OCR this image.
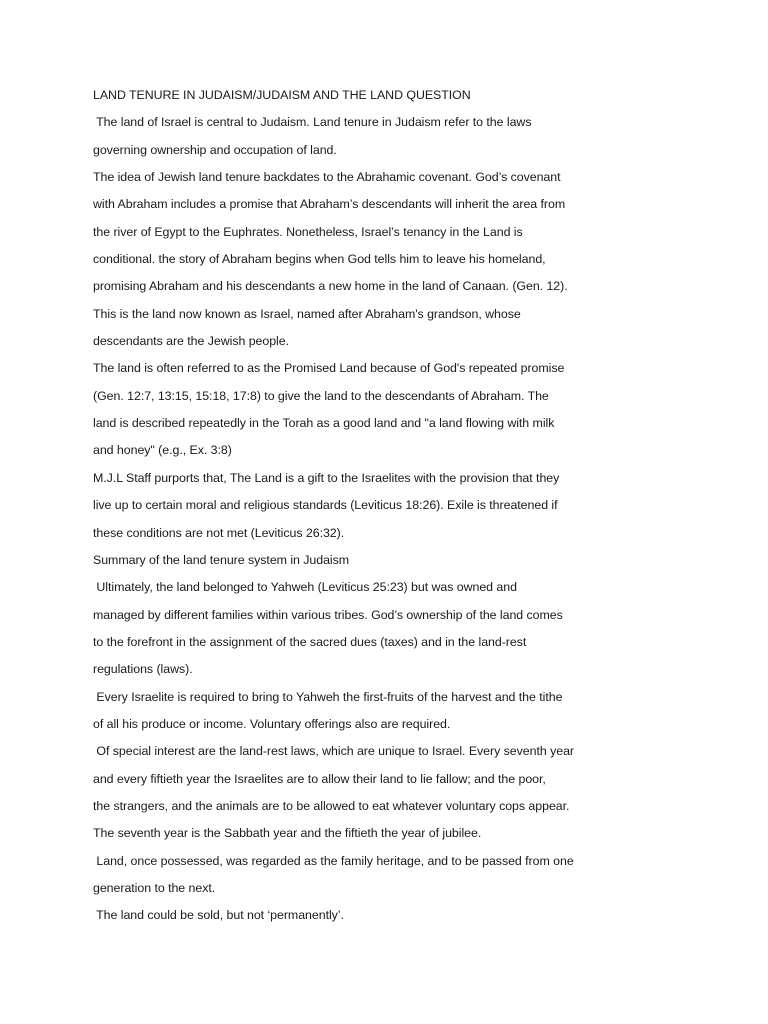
LAND TENURE IN JUDAISM/JUDAISM AND THE LAND QUESTION
The land of Israel is central to Judaism. Land tenure in Judaism refer to the laws
governing ownership and occupation of land.
The idea of Jewish land tenure backdates to the Abrahamic covenant. God’s covenant
with Abraham includes a promise that Abraham’s descendants will inherit the area from
the river of Egypt to the Euphrates. Nonetheless, Israel’s tenancy in the Land is
conditional. the story of Abraham begins when God tells him to leave his homeland,
promising Abraham and his descendants a new home in the land of Canaan. (Gen. 12).
This is the land now known as Israel, named after Abraham's grandson, whose
descendants are the Jewish people.
The land is often referred to as the Promised Land because of God's repeated promise
(Gen. 12:7, 13:15, 15:18, 17:8) to give the land to the descendants of Abraham. The
land is described repeatedly in the Torah as a good land and "a land flowing with milk
and honey" (e.g., Ex. 3:8)
M.J.L Staff purports that, The Land is a gift to the Israelites with the provision that they
live up to certain moral and religious standards (Leviticus 18:26). Exile is threatened if
these conditions are not met (Leviticus 26:32).
Summary of the land tenure system in Judaism
Ultimately, the land belonged to Yahweh (Leviticus 25:23) but was owned and
managed by different families within various tribes. God’s ownership of the land comes
to the forefront in the assignment of the sacred dues (taxes) and in the land-rest
regulations (laws).
Every Israelite is required to bring to Yahweh the first-fruits of the harvest and the tithe
of all his produce or income. Voluntary offerings also are required.
Of special interest are the land-rest laws, which are unique to Israel. Every seventh year
and every fiftieth year the Israelites are to allow their land to lie fallow; and the poor,
the strangers, and the animals are to be allowed to eat whatever voluntary cops appear.
The seventh year is the Sabbath year and the fiftieth the year of jubilee.
Land, once possessed, was regarded as the family heritage, and to be passed from one
generation to the next.
The land could be sold, but not ‘permanently’.
